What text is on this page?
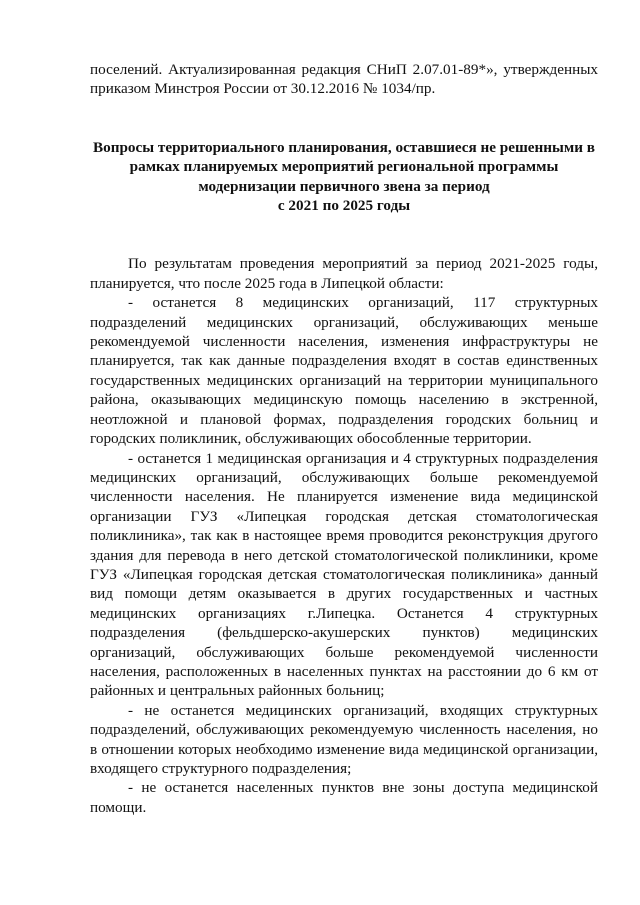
поселений. Актуализированная редакция СНиП 2.07.01-89*», утвержденных приказом Минстроя России от 30.12.2016 № 1034/пр.

Вопросы территориального планирования, оставшиеся не решенными в
рамках планируемых мероприятий региональной программы
модернизации первичного звена за период
с 2021 по 2025 годы

По результатам проведения мероприятий за период 2021-2025 годы, планируется, что после 2025 года в Липецкой области:

- останется 8 медицинских организаций, 117 структурных подразделений медицинских организаций, обслуживающих меньше рекомендуемой численности населения, изменения инфраструктуры не планируется, так как данные подразделения входят в состав единственных государственных медицинских организаций на территории муниципального района, оказывающих медицинскую помощь населению в экстренной, неотложной и плановой формах, подразделения городских больниц и городских поликлиник, обслуживающих обособленные территории.

- останется 1 медицинская организация и 4 структурных подразделения медицинских организаций, обслуживающих больше рекомендуемой численности населения. Не планируется изменение вида медицинской организации ГУЗ «Липецкая городская детская стоматологическая поликлиника», так как в настоящее время проводится реконструкция другого здания для перевода в него детской стоматологической поликлиники, кроме ГУЗ «Липецкая городская детская стоматологическая поликлиника» данный вид помощи детям оказывается в других государственных и частных медицинских организациях г.Липецка. Останется 4 структурных подразделения (фельдшерско-акушерских пунктов) медицинских организаций, обслуживающих больше рекомендуемой численности населения, расположенных в населенных пунктах на расстоянии до 6 км от районных и центральных районных больниц;

- не останется медицинских организаций, входящих структурных подразделений, обслуживающих рекомендуемую численность населения, но в отношении которых необходимо изменение вида медицинской организации, входящего структурного подразделения;

- не останется населенных пунктов вне зоны доступа медицинской помощи.
